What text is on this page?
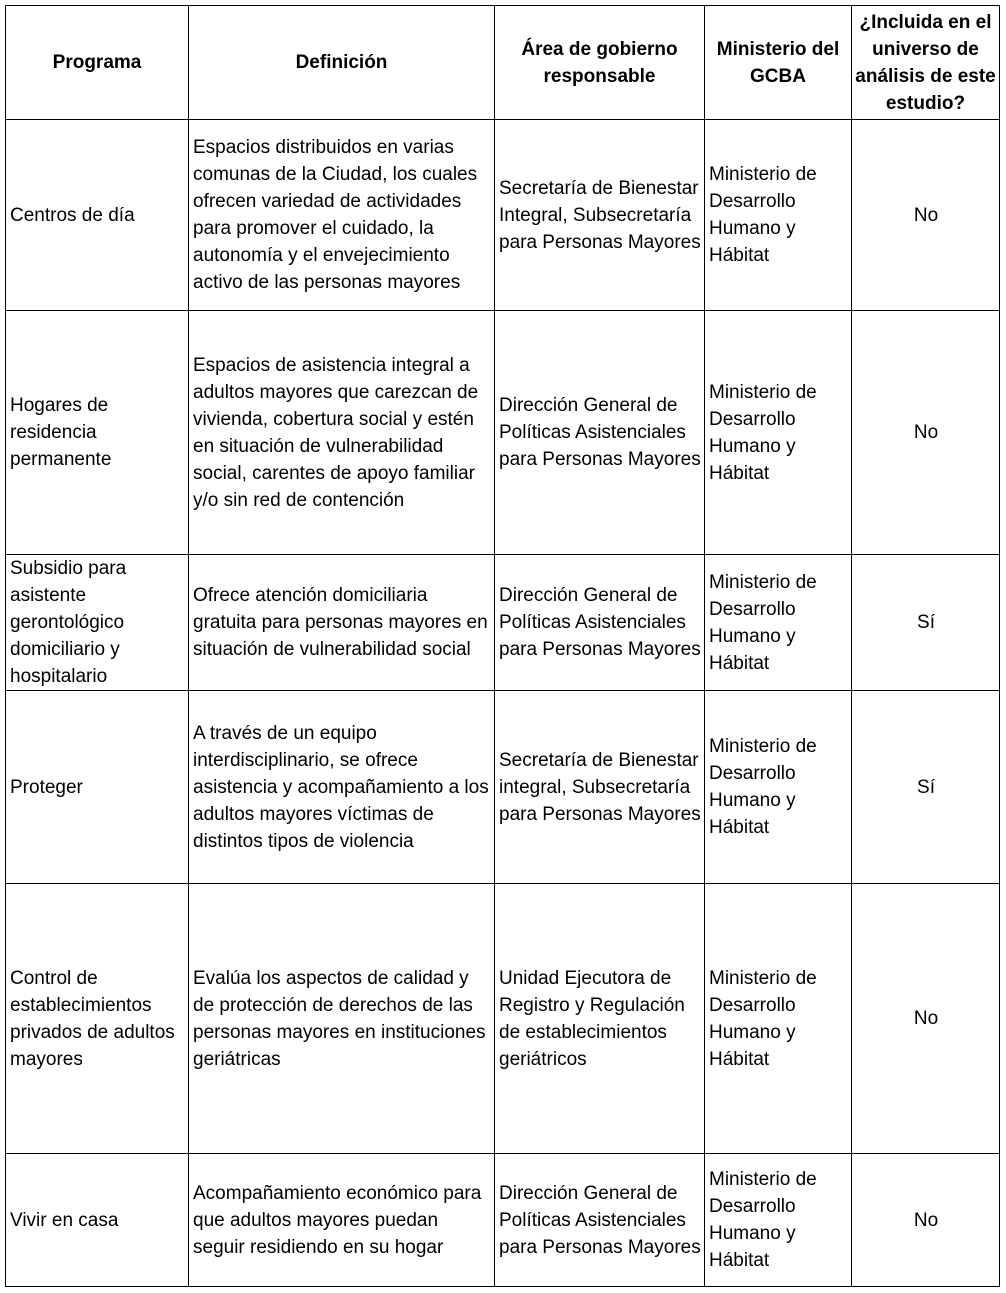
Programa	Definición	Área de gobierno responsable	Ministerio del GCBA	¿Incluida en el universo de análisis de este estudio?
Centros de día	Espacios distribuidos en varias comunas de la Ciudad, los cuales ofrecen variedad de actividades para promover el cuidado, la autonomía y el envejecimiento activo de las personas mayores	Secretaría de Bienestar Integral, Subsecretaría para Personas Mayores	Ministerio de Desarrollo Humano y Hábitat	No
Hogares de residencia permanente	Espacios de asistencia integral a adultos mayores que carezcan de vivienda, cobertura social y estén en situación de vulnerabilidad social, carentes de apoyo familiar y/o sin red de contención	Dirección General de Políticas Asistenciales para Personas Mayores	Ministerio de Desarrollo Humano y Hábitat	No
Subsidio para asistente gerontológico domiciliario y hospitalario	Ofrece atención domiciliaria gratuita para personas mayores en situación de vulnerabilidad social	Dirección General de Políticas Asistenciales para Personas Mayores	Ministerio de Desarrollo Humano y Hábitat	Sí
Proteger	A través de un equipo interdisciplinario, se ofrece asistencia y acompañamiento a los adultos mayores víctimas de distintos tipos de violencia	Secretaría de Bienestar integral, Subsecretaría para Personas Mayores	Ministerio de Desarrollo Humano y Hábitat	Sí
Control de establecimientos privados de adultos mayores	Evalúa los aspectos de calidad y de protección de derechos de las personas mayores en instituciones geriátricas	Unidad Ejecutora de Registro y Regulación de establecimientos geriátricos	Ministerio de Desarrollo Humano y Hábitat	No
Vivir en casa	Acompañamiento económico para que adultos mayores puedan seguir residiendo en su hogar	Dirección General de Políticas Asistenciales para Personas Mayores	Ministerio de Desarrollo Humano y Hábitat	No
